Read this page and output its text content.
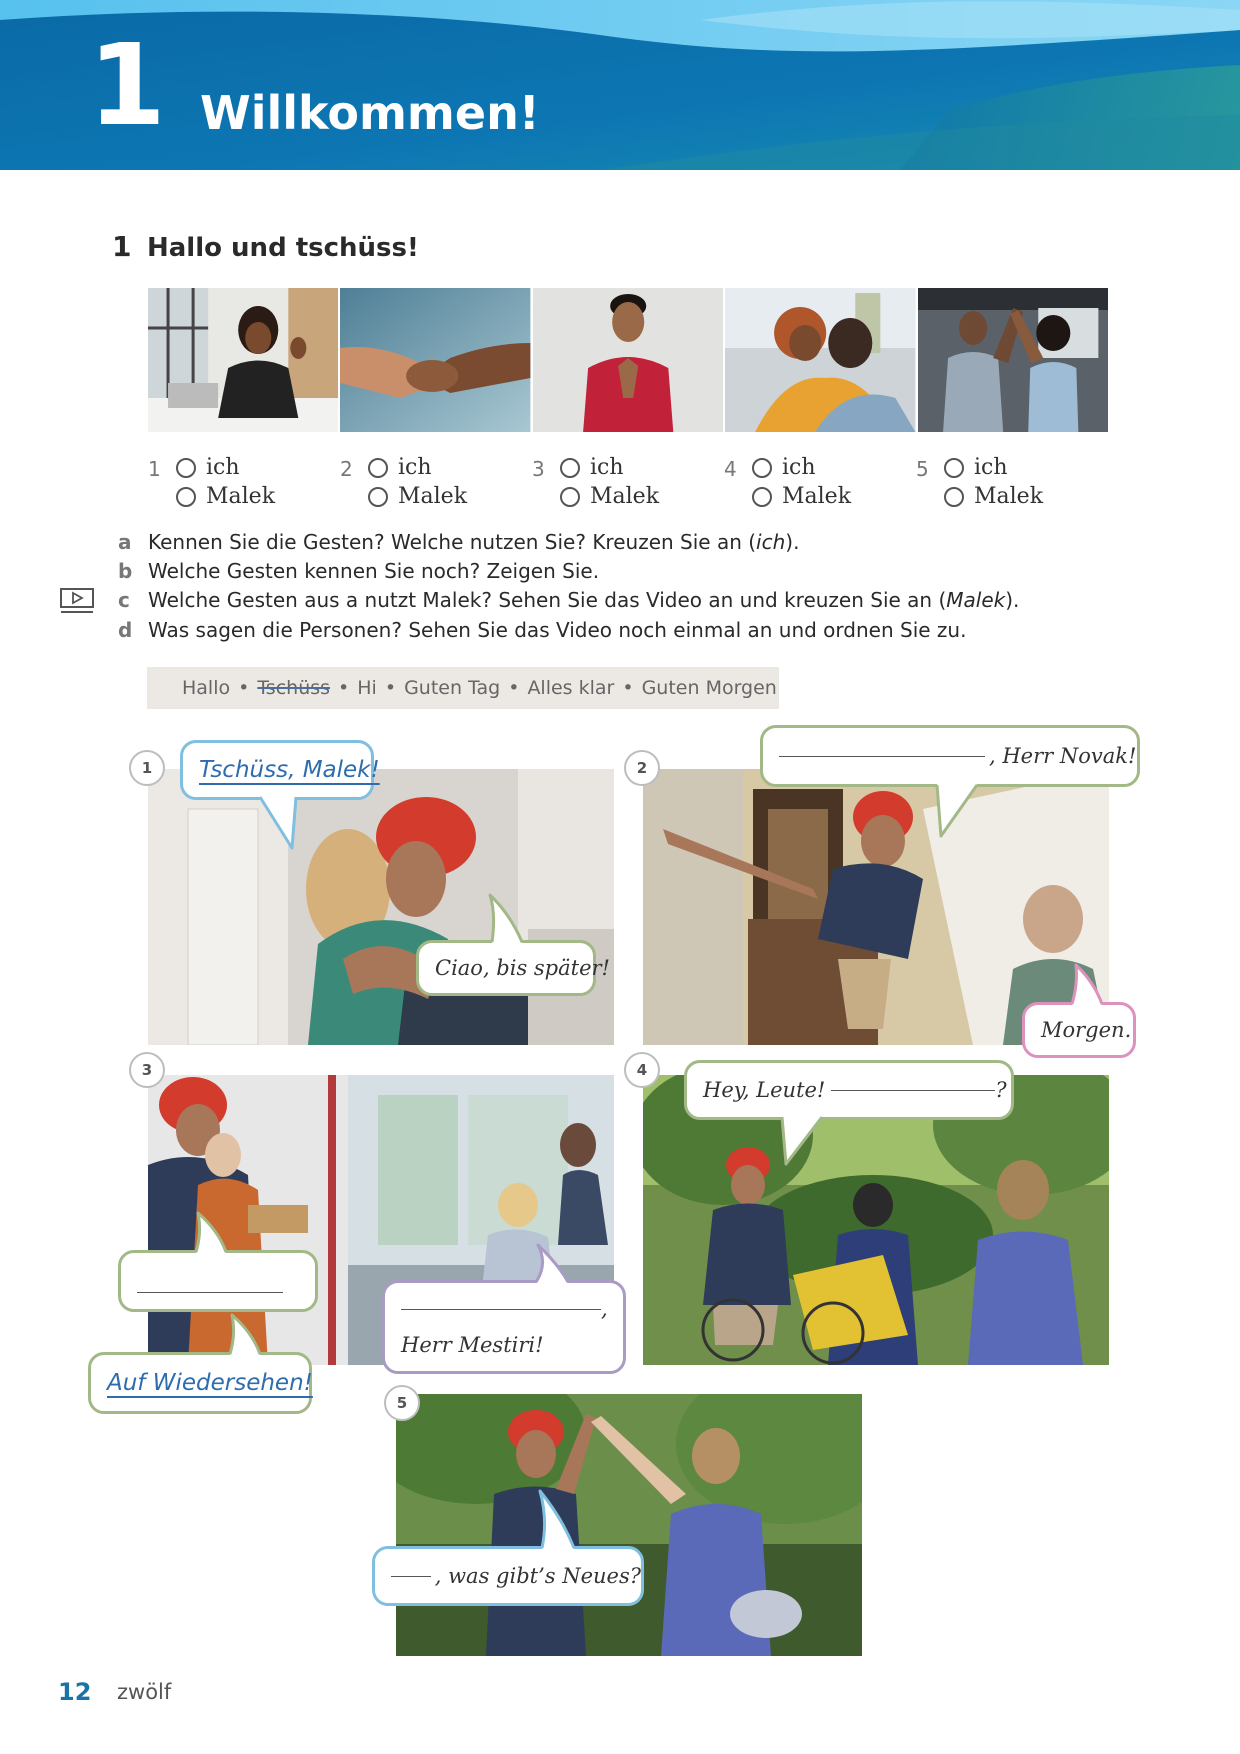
1 Willkommen!
1 Hallo und tschüss!
1 ich
Malek
2 ich
Malek
3 ich
Malek
4 ich
Malek
5 ich
Malek
a Kennen Sie die Gesten? Welche nutzen Sie? Kreuzen Sie an (ich).
b Welche Gesten kennen Sie noch? Zeigen Sie.
c Welche Gesten aus a nutzt Malek? Sehen Sie das Video an und kreuzen Sie an (Malek).
d Was sagen die Personen? Sehen Sie das Video noch einmal an und ordnen Sie zu.
Hallo • Tschüss • Hi • Guten Tag • Alles klar • Guten Morgen
1	Tschüss, Malek!
Ciao, bis später!
2	, Herr Novak!
Morgen.
3
,
Herr Mestiri!
Auf Wiedersehen!
4
Hey, Leute!	?
5
, was gibt’s Neues?
12 zwölf
